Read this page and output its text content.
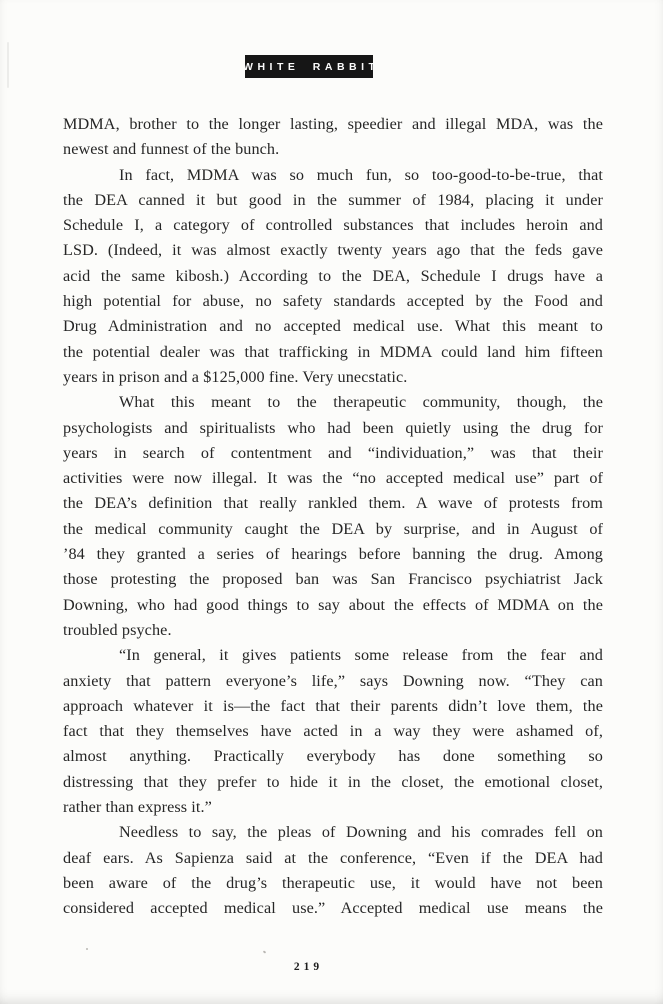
WHITE RABBIT
MDMA, brother to the longer lasting, speedier and illegal MDA, was the
newest and funnest of the bunch.
In fact, MDMA was so much fun, so too-good-to-be-true, that
the DEA canned it but good in the summer of 1984, placing it under
Schedule I, a category of controlled substances that includes heroin and
LSD. (Indeed, it was almost exactly twenty years ago that the feds gave
acid the same kibosh.) According to the DEA, Schedule I drugs have a
high potential for abuse, no safety standards accepted by the Food and
Drug Administration and no accepted medical use. What this meant to
the potential dealer was that trafficking in MDMA could land him fifteen
years in prison and a $125,000 fine. Very unecstatic.
What this meant to the therapeutic community, though, the
psychologists and spiritualists who had been quietly using the drug for
years in search of contentment and “individuation,” was that their
activities were now illegal. It was the “no accepted medical use” part of
the DEA’s definition that really rankled them. A wave of protests from
the medical community caught the DEA by surprise, and in August of
’84 they granted a series of hearings before banning the drug. Among
those protesting the proposed ban was San Francisco psychiatrist Jack
Downing, who had good things to say about the effects of MDMA on the
troubled psyche.
“In general, it gives patients some release from the fear and
anxiety that pattern everyone’s life,” says Downing now. “They can
approach whatever it is—the fact that their parents didn’t love them, the
fact that they themselves have acted in a way they were ashamed of,
almost anything. Practically everybody has done something so
distressing that they prefer to hide it in the closet, the emotional closet,
rather than express it.”
Needless to say, the pleas of Downing and his comrades fell on
deaf ears. As Sapienza said at the conference, “Even if the DEA had
been aware of the drug’s therapeutic use, it would have not been
considered accepted medical use.” Accepted medical use means the
219
